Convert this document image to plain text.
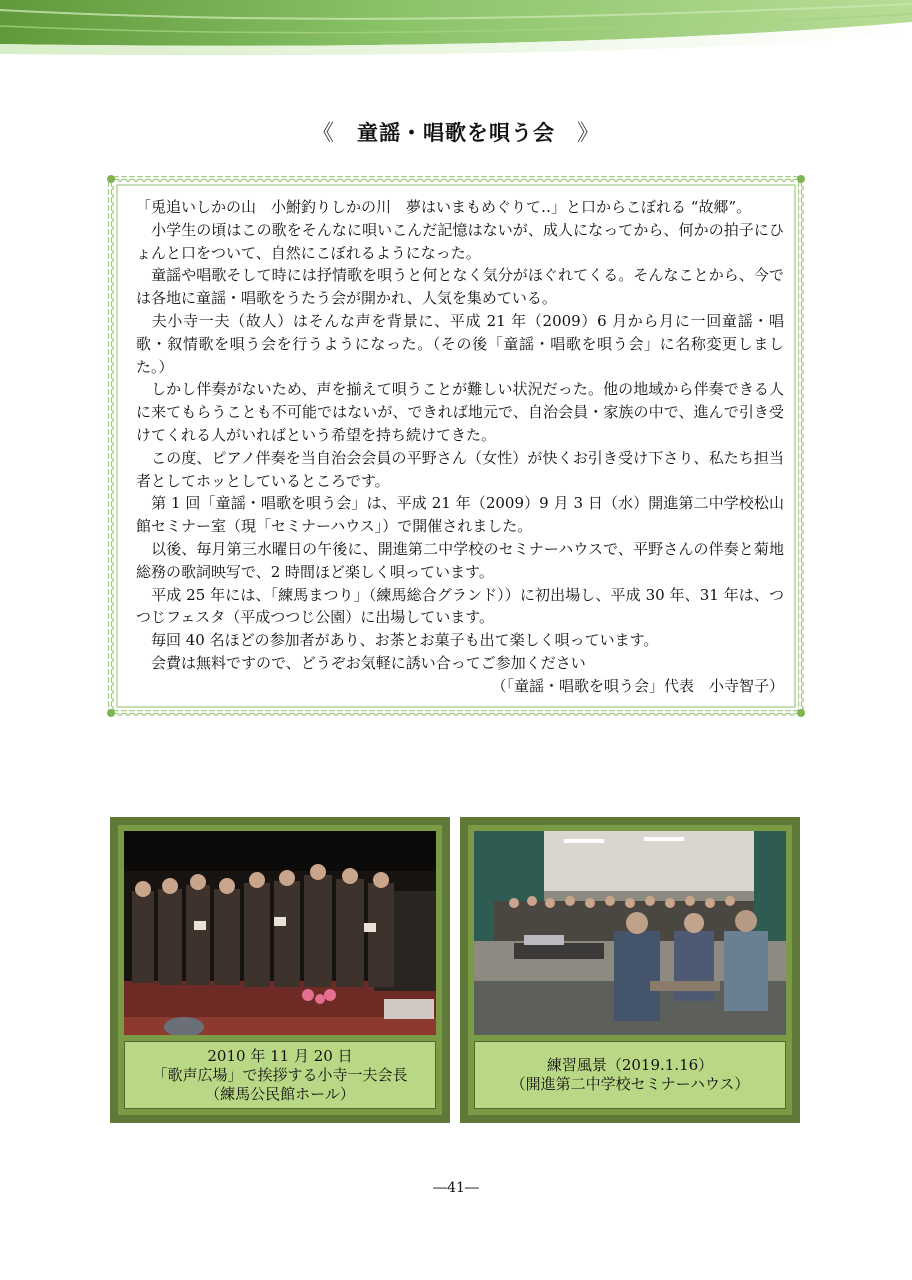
《 童謡・唱歌を唄う会 》

「兎追いしかの山　小鮒釣りしかの川　夢はいまもめぐりて‥」と口からこぼれる “故郷”。

　小学生の頃はこの歌をそんなに唄いこんだ記憶はないが、成人になってから、何かの拍子にひょんと口をついて、自然にこぼれるようになった。

　童謡や唱歌そして時には抒情歌を唄うと何となく気分がほぐれてくる。そんなことから、今では各地に童謡・唱歌をうたう会が開かれ、人気を集めている。

　夫小寺一夫（故人）はそんな声を背景に、平成 21 年（2009）6 月から月に一回童謡・唱歌・叙情歌を唄う会を行うようになった。（その後「童謡・唱歌を唄う会」に名称変更しました。）

　しかし伴奏がないため、声を揃えて唄うことが難しい状況だった。他の地域から伴奏できる人に来てもらうことも不可能ではないが、できれば地元で、自治会員・家族の中で、進んで引き受けてくれる人がいればという希望を持ち続けてきた。

　この度、ピアノ伴奏を当自治会会員の平野さん（女性）が快くお引き受け下さり、私たち担当者としてホッとしているところです。

　第 1 回「童謡・唱歌を唄う会」は、平成 21 年（2009）9 月 3 日（水）開進第二中学校松山館セミナー室（現「セミナーハウス」）で開催されました。

　以後、毎月第三水曜日の午後に、開進第二中学校のセミナーハウスで、平野さんの伴奏と菊地総務の歌詞映写で、2 時間ほど楽しく唄っています。

　平成 25 年には、「練馬まつり」（練馬総合グランド））に初出場し、平成 30 年、31 年は、つつじフェスタ（平成つつじ公園）に出場しています。

　毎回 40 名ほどの参加者があり、お茶とお菓子も出て楽しく唄っています。

　会費は無料ですので、どうぞお気軽に誘い合ってご参加ください

（「童謡・唱歌を唄う会」代表　小寺智子）

2010 年 11 月 20 日
「歌声広場」で挨拶する小寺一夫会長
（練馬公民館ホール）
練習風景（2019.1.16）
（開進第二中学校セミナーハウス）
―41―
